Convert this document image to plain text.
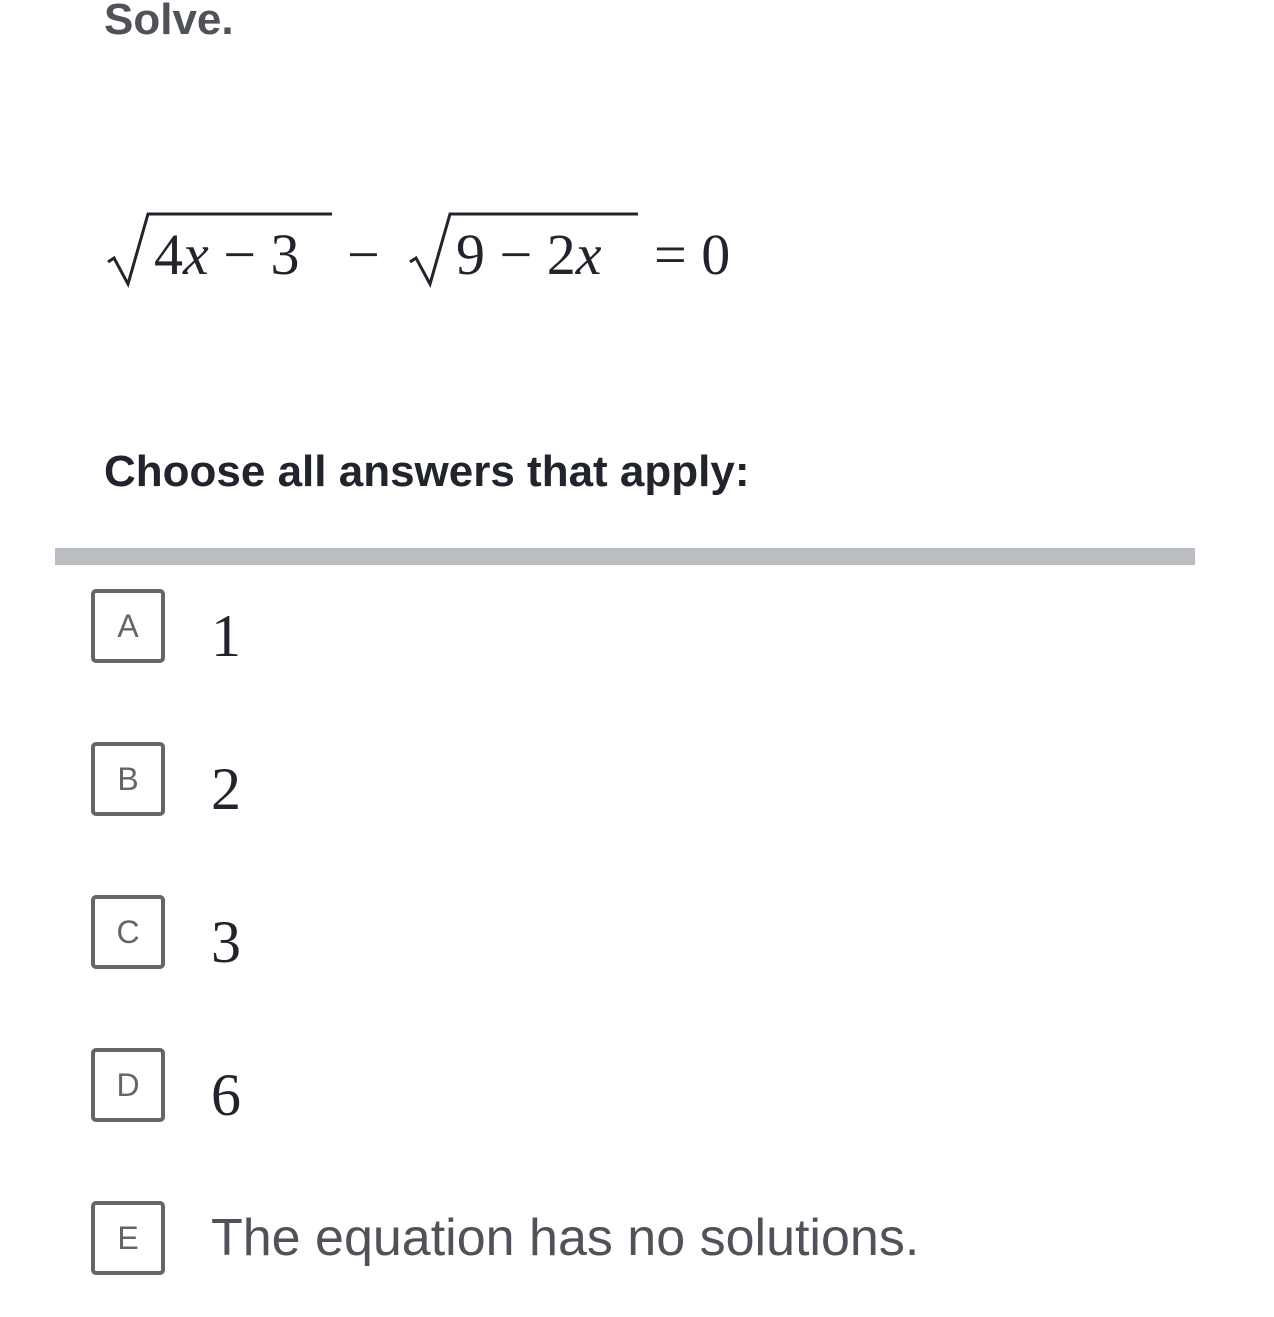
Solve.
4x − 3 − 9 − 2x = 0
Choose all answers that apply:
A	1
B	2
C	3
D	6
E	The equation has no solutions.
